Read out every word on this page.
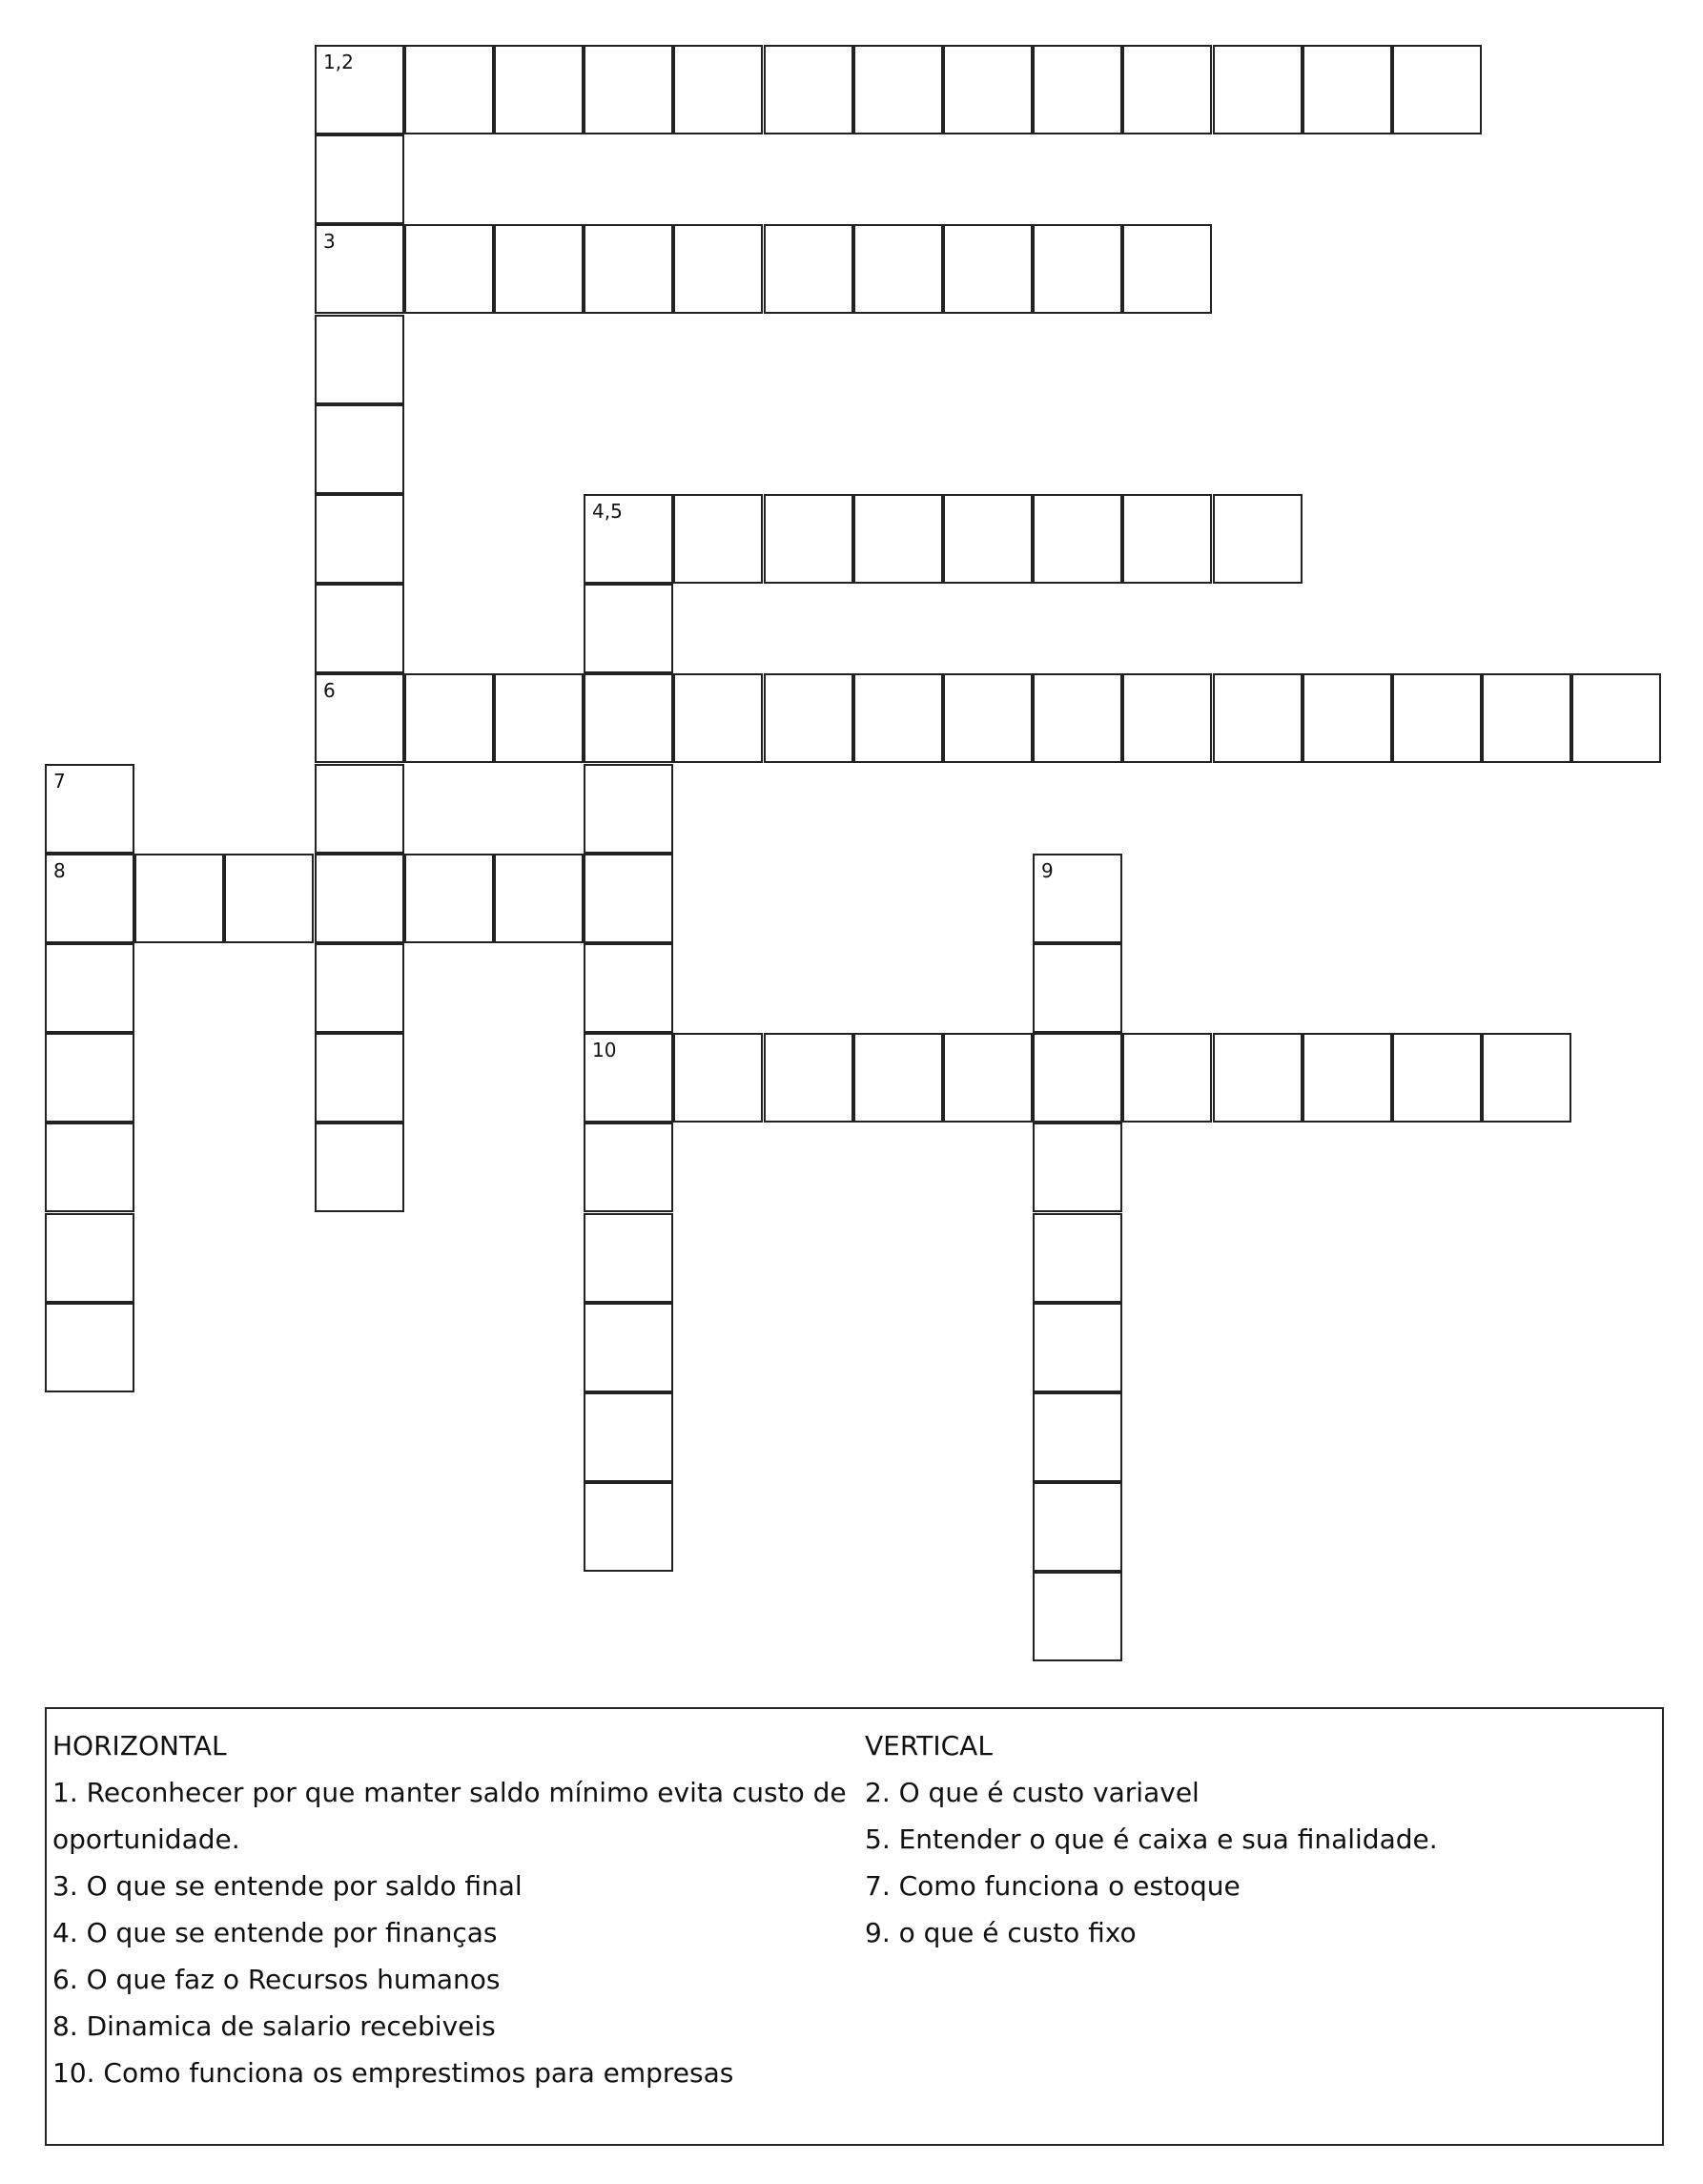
1,2
3
6
4,5
10
7
8	9

HORIZONTAL

1. Reconhecer por que manter saldo mínimo evita custo de

oportunidade.

3. O que se entende por saldo final

4. O que se entende por finanças

6. O que faz o Recursos humanos

8. Dinamica de salario recebiveis

10. Como funciona os emprestimos para empresas

VERTICAL

2. O que é custo variavel

5. Entender o que é caixa e sua finalidade.

7. Como funciona o estoque

9. o que é custo fixo
